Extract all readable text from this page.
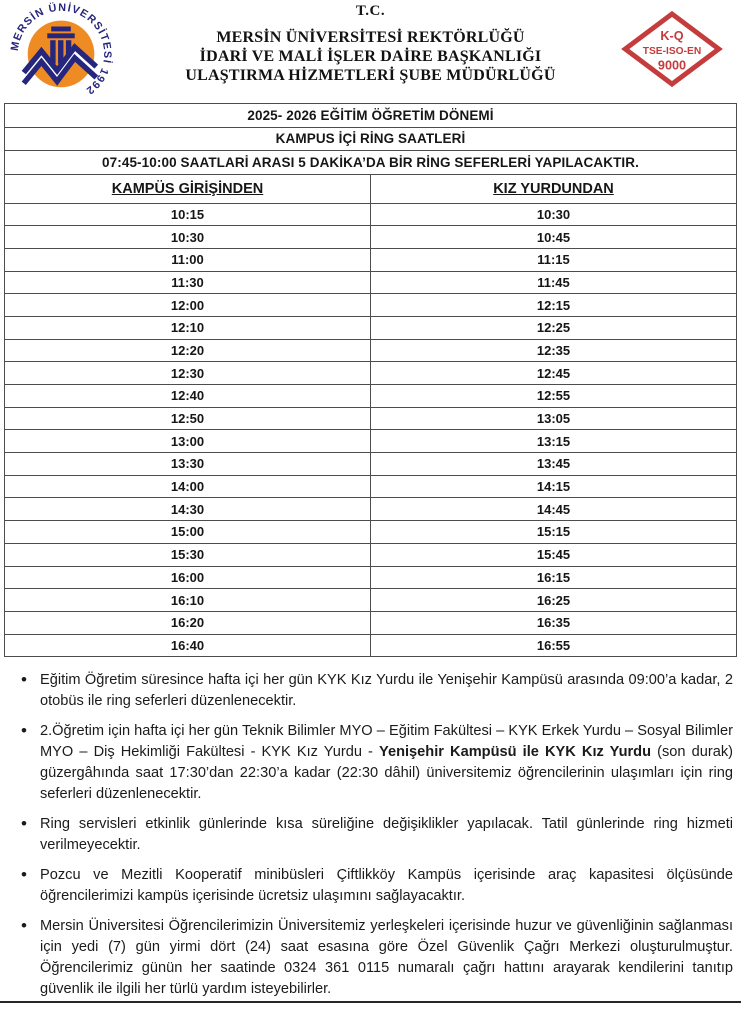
MERSİN ÜNİVERSİTESİ 1992
T.C.
MERSİN ÜNİVERSİTESİ REKTÖRLÜĞÜ
İDARİ VE MALİ İŞLER DAİRE BAŞKANLIĞI
ULAŞTIRMA HİZMETLERİ ŞUBE MÜDÜRLÜĞÜ
K-Q
TSE-ISO-EN
9000
2025- 2026 EĞİTİM ÖĞRETİM DÖNEMİ	
KAMPUS İÇİ RİNG SAATLERİ	
07:45-10:00 SAATLARİ ARASI 5 DAKİKA’DA BİR RİNG SEFERLERİ YAPILACAKTIR.	
KAMPÜS GİRİŞİNDEN	KIZ YURDUNDAN
10:15	10:30
10:30	10:45
11:00	11:15
11:30	11:45
12:00	12:15
12:10	12:25
12:20	12:35
12:30	12:45
12:40	12:55
12:50	13:05
13:00	13:15
13:30	13:45
14:00	14:15
14:30	14:45
15:00	15:15
15:30	15:45
16:00	16:15
16:10	16:25
16:20	16:35
16:40	16:55
• Eğitim Öğretim süresince hafta içi her gün KYK Kız Yurdu ile Yenişehir Kampüsü arasında 09:00’a kadar, 2 otobüs ile ring seferleri düzenlenecektir.
• 2.Öğretim için hafta içi her gün Teknik Bilimler MYO – Eğitim Fakültesi – KYK Erkek Yurdu – Sosyal Bilimler MYO – Diş Hekimliği Fakültesi - KYK Kız Yurdu - Yenişehir Kampüsü ile KYK Kız Yurdu (son durak) güzergâhında saat 17:30’dan 22:30’a kadar (22:30 dâhil) üniversitemiz öğrencilerinin ulaşımları için ring seferleri düzenlenecektir.
• Ring servisleri etkinlik günlerinde kısa süreliğine değişiklikler yapılacak. Tatil günlerinde ring hizmeti verilmeyecektir.
• Pozcu ve Mezitli Kooperatif minibüsleri Çiftlikköy Kampüs içerisinde araç kapasitesi ölçüsünde öğrencilerimizi kampüs içerisinde ücretsiz ulaşımını sağlayacaktır.
• Mersin Üniversitesi Öğrencilerimizin Üniversitemiz yerleşkeleri içerisinde huzur ve güvenliğinin sağlanması için yedi (7) gün yirmi dört (24) saat esasına göre Özel Güvenlik Çağrı Merkezi oluşturulmuştur. Öğrencilerimiz günün her saatinde 0324 361 0115 numaralı çağrı hattını arayarak kendilerini tanıtıp güvenlik ile ilgili her türlü yardım isteyebilirler.
